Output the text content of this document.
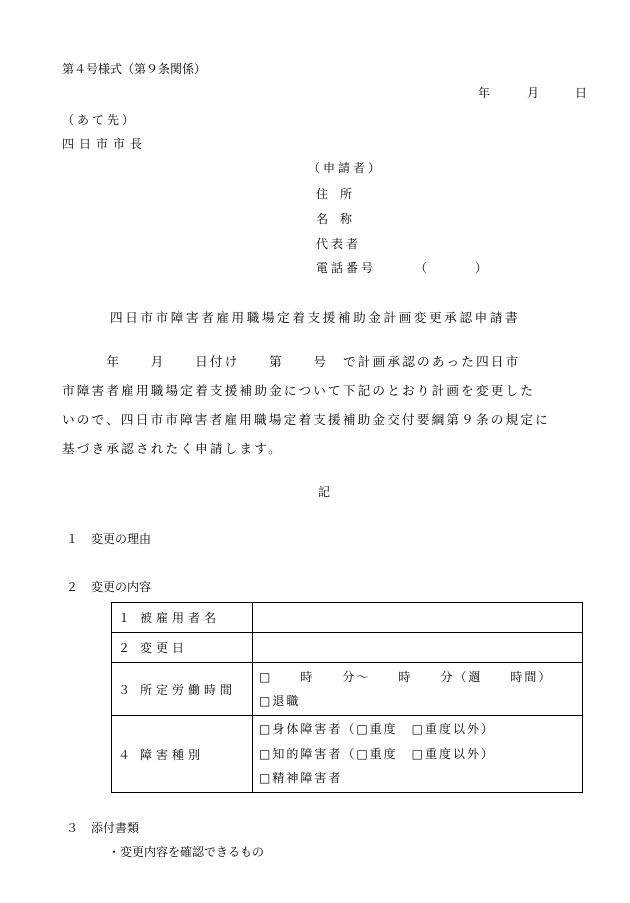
第４号様式（第９条関係）
年	月	日
（あて先）
四日市市長
（申請者）
住　所
名　称
代表者
電話番号　　　（　　　）
四日市市障害者雇用職場定着支援補助金計画変更承認申請書
　　　年　　月　　日付け　　第　　号　で計画承認のあった四日市
市障害者雇用職場定着支援補助金について下記のとおり計画を変更した
いので、四日市市障害者雇用職場定着支援補助金交付要綱第９条の規定に
基づき承認されたく申請します。
記
１ 変更の理由
２ 変更の内容
１ 被雇用者名	
２ 変更日	
３ 所定労働時間	□　　時　　分～　　時　　分（週　　時間）
□退職

４ 障害種別	□身体障害者（□重度　□重度以外）
□知的障害者（□重度　□重度以外）
□精神障害者
３ 添付書類
・変更内容を確認できるもの
